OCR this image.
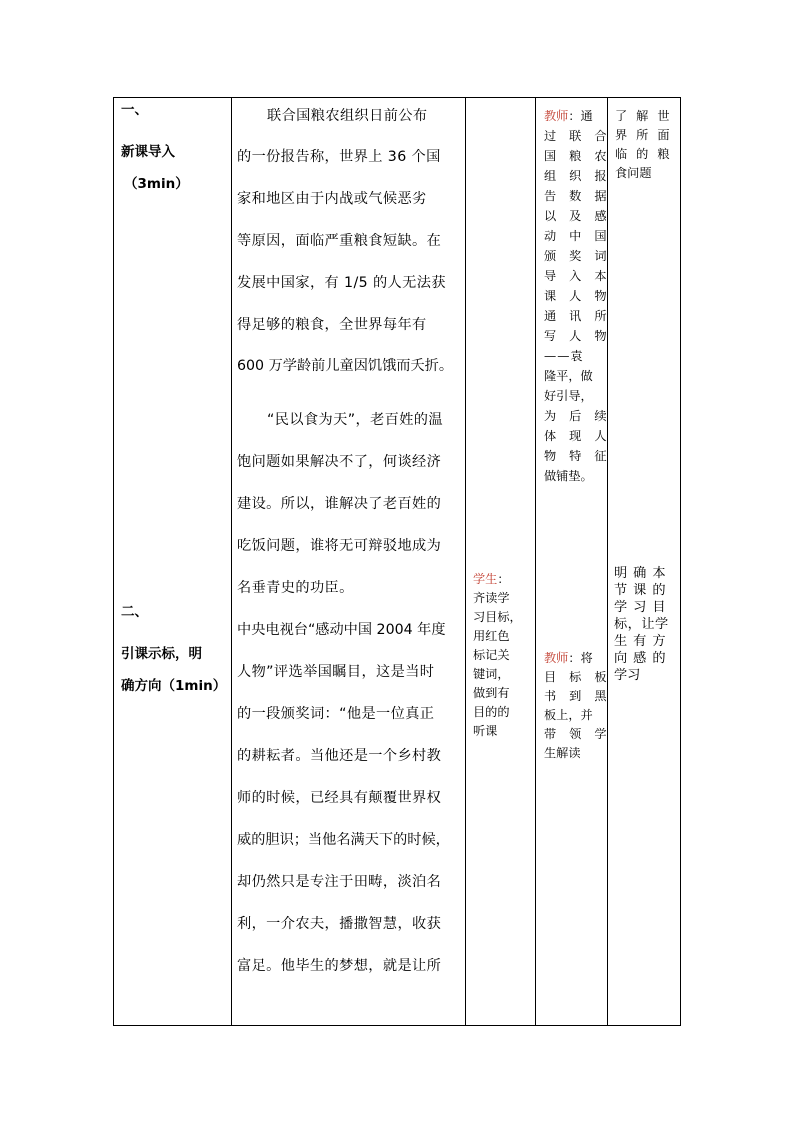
一、
新课导入
（3min）
二、
引课示标，明
确方向（1min）
联合国粮农组织日前公布
的一份报告称，世界上 36 个国
家和地区由于内战或气候恶劣
等原因，面临严重粮食短缺。在
发展中国家，有 1/5 的人无法获
得足够的粮食，全世界每年有
600 万学龄前儿童因饥饿而夭折。
“民以食为天”，老百姓的温
饱问题如果解决不了，何谈经济
建设。所以，谁解决了老百姓的
吃饭问题，谁将无可辩驳地成为
名垂青史的功臣。
中央电视台“感动中国 2004 年度
人物”评选举国瞩目，这是当时
的一段颁奖词：“他是一位真正
的耕耘者。当他还是一个乡村教
师的时候，已经具有颠覆世界权
威的胆识；当他名满天下的时候，
却仍然只是专注于田畴，淡泊名
利，一介农夫，播撒智慧，收获
富足。他毕生的梦想，就是让所
学生：
齐读学
习目标，
用红色
标记关
键词，
做到有
目的的
听课
教师：通
过联合
国粮农
组织报
告数据
以及感
动中国
颁奖词
导入本
课人物
通讯所
写人物
——袁
隆平，做
好引导，
为后续
体现人
物特征
做铺垫。
教师：将
目标板
书到黑
板上，并
带领学
生解读
了解世
界所面
临的粮
食问题
明确本
节课的
学习目
标，让学
生有方
向感的
学习
